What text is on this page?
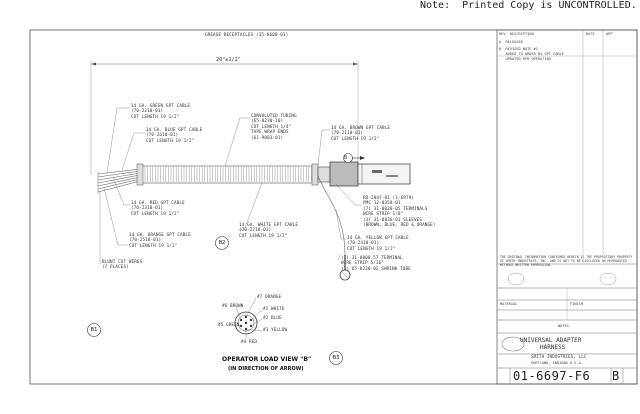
Note:  Printed Copy is UNCONTROLLED.
GREASE RECEPTACLES (35-0600-01)
20"±1/2"
14 GA. GREEN GPT CABLE
(70-2210-01)
CUT LENGTH 19 1/2"
14 GA. BLUE GPT CABLE
(70-2610-01)
CUT LENGTH 19 1/2"
CONVOLUTED TUBING
(65-8230-10)
CUT LENGTH 1/4"
TAPE WRAP ENDS
(61-9003-01)
14 GA. BROWN GPT CABLE
(70-2110-01)
CUT LENGTH 19 1/2"
14 GA. RED GPT CABLE
(70-2310-01)
CUT LENGTH 19 1/2"
14 GA. ORANGE GPT CABLE
(70-2510-01)
CUT LENGTH 19 1/2"
BLUNT CUT WIRES
(7 PLACES)
14 GA. WHITE GPT CABLE
(70-2710-01)
CUT LENGTH 19 1/2"
RD-2047-01 (1-6979)
PMC 12-0358-01
(7) 31-0020-05 TERMINALS
WIRE STRIP 1/8"
(3) 31-8036-01 SLEEVES
(BROWN, BLUE, RED & ORANGE)
14 GA. YELLOW GPT CABLE
(70-2410-01)
CUT LENGTH 19 1/2"
(1) 31-0000-57 TERMINAL
WIRE STRIP 5/16"
(1) 65-8238-02 SHRINK TUBE
B
B1
B2
B3
#7 ORANGE
#6 BROWN
#1 WHITE
#2 BLUE
#5 GREEN
#3 YELLOW
#4 RED
OPERATOR LOAD VIEW "B"
(IN DIRECTION OF ARROW)
REV DESCRIPTION	DATE	APP
A RELEASED
B REVISED NOTE #1
ADDED TO ORDER BY GPT CABLE
UPDATED PER OPERATING
THE ORIGINAL INFORMATION CONTAINED HEREIN IS THE PROPRIETARY PROPERTY OF SMITH INDUSTRIES, INC. AND IS NOT TO BE DISCLOSED OR REPRODUCED WITHOUT WRITTEN PERMISSION.
MATERIAL	FINISH
NOTES
UNIVERSAL ADAPTER
HARNESS
SMITH INDUSTRIES, LLC
PORTLAND, INDIANA U.S.A.
01-6697-F6 B
